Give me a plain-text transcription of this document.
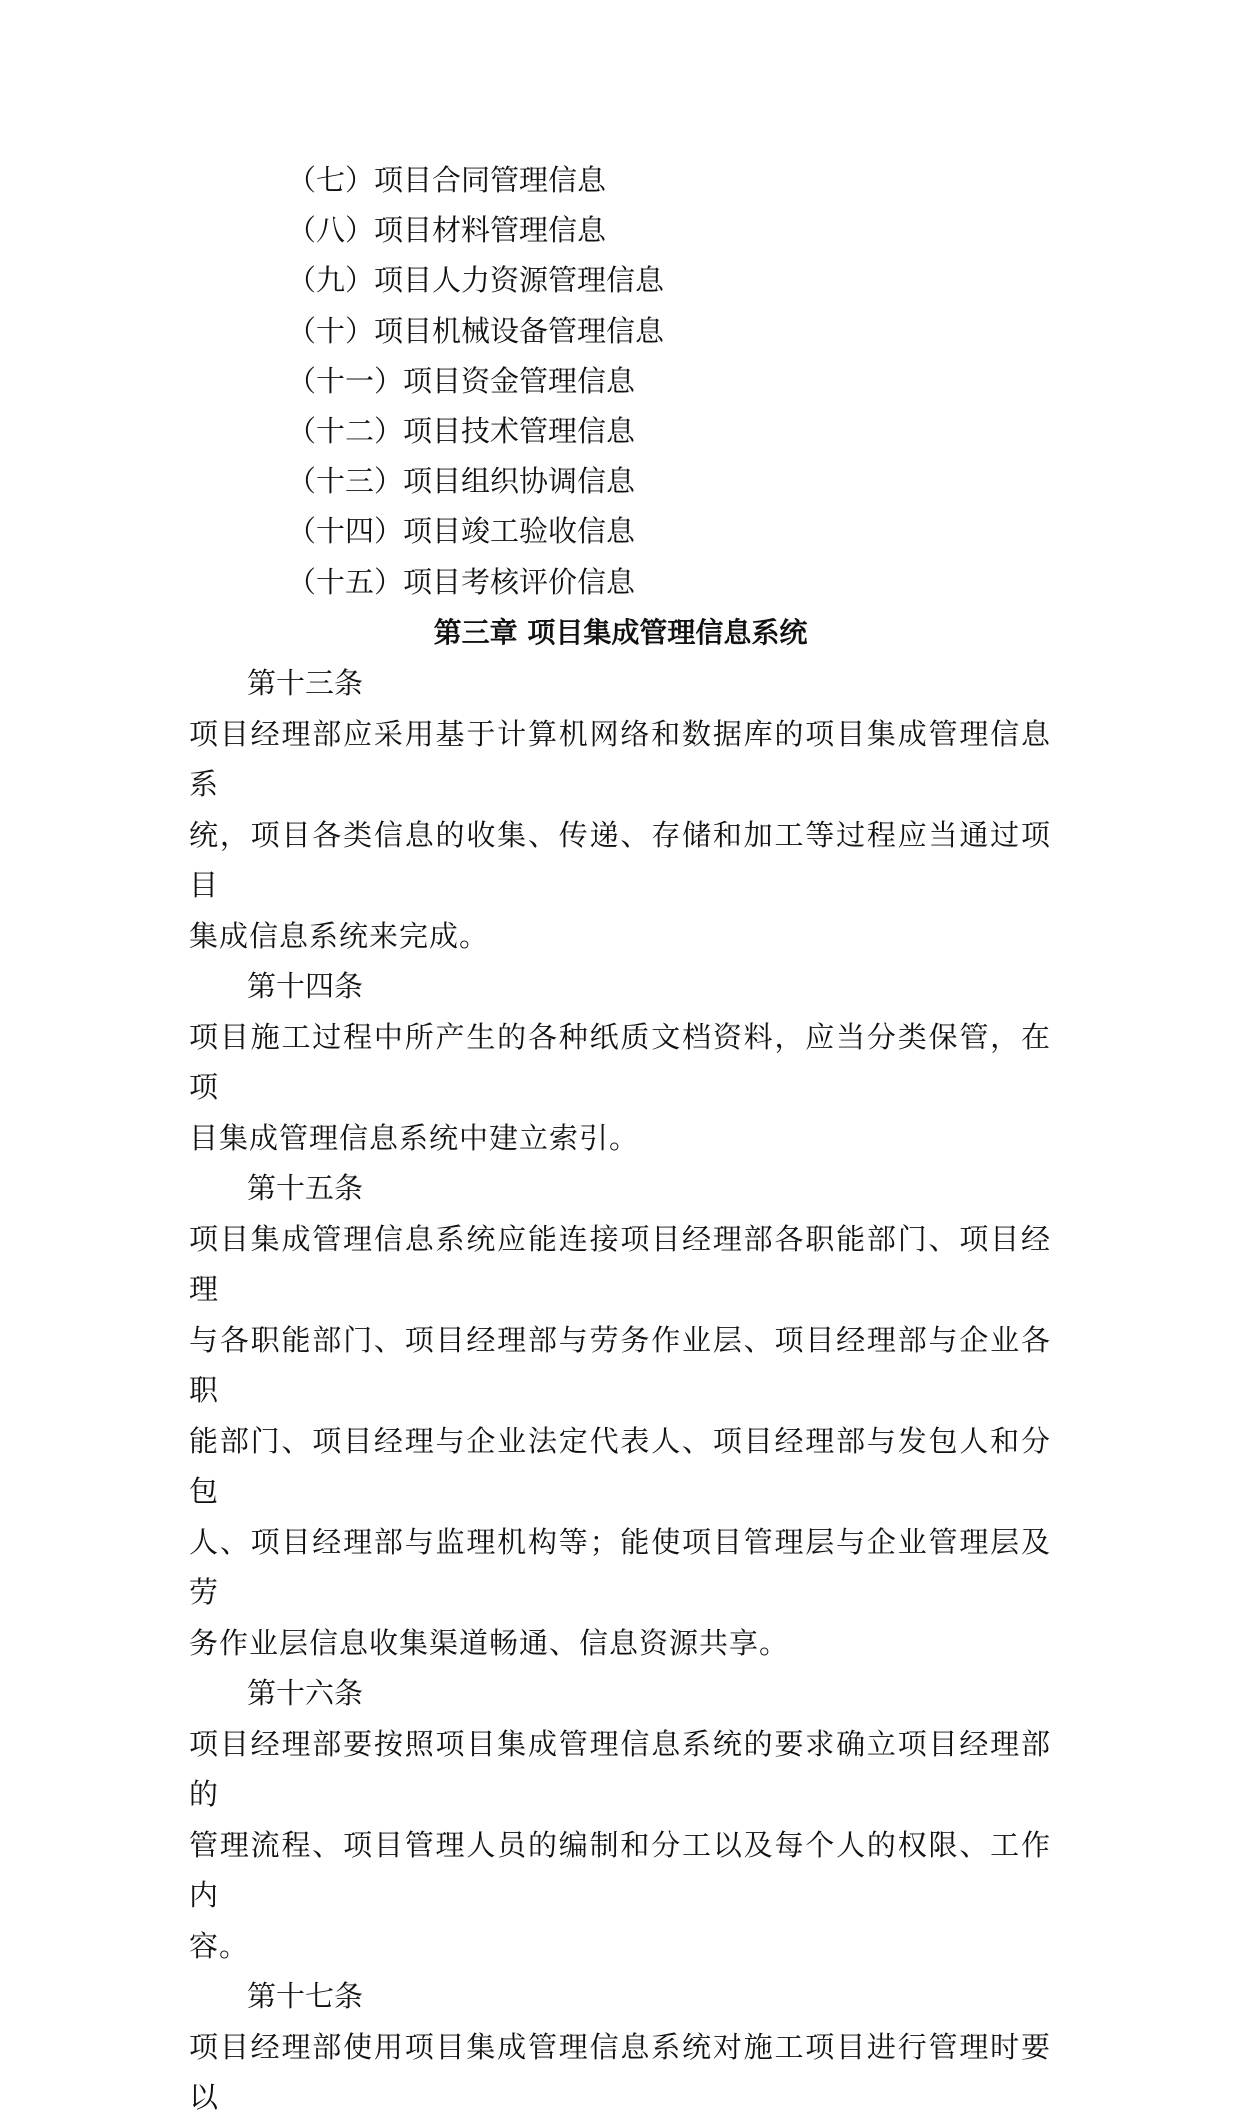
（七）项目合同管理信息
（八）项目材料管理信息
（九）项目人力资源管理信息
（十）项目机械设备管理信息
（十一）项目资金管理信息
（十二）项目技术管理信息
（十三）项目组织协调信息
（十四）项目竣工验收信息
（十五）项目考核评价信息
第三章 项目集成管理信息系统

第十三条

项目经理部应采用基于计算机网络和数据库的项目集成管理信息系

统，项目各类信息的收集、传递、存储和加工等过程应当通过项目

集成信息系统来完成。

第十四条

项目施工过程中所产生的各种纸质文档资料，应当分类保管，在项

目集成管理信息系统中建立索引。

第十五条

项目集成管理信息系统应能连接项目经理部各职能部门、项目经理

与各职能部门、项目经理部与劳务作业层、项目经理部与企业各职

能部门、项目经理与企业法定代表人、项目经理部与发包人和分包

人、项目经理部与监理机构等；能使项目管理层与企业管理层及劳

务作业层信息收集渠道畅通、信息资源共享。

第十六条

项目经理部要按照项目集成管理信息系统的要求确立项目经理部的

管理流程、项目管理人员的编制和分工以及每个人的权限、工作内

容。

第十七条

项目经理部使用项目集成管理信息系统对施工项目进行管理时要以
